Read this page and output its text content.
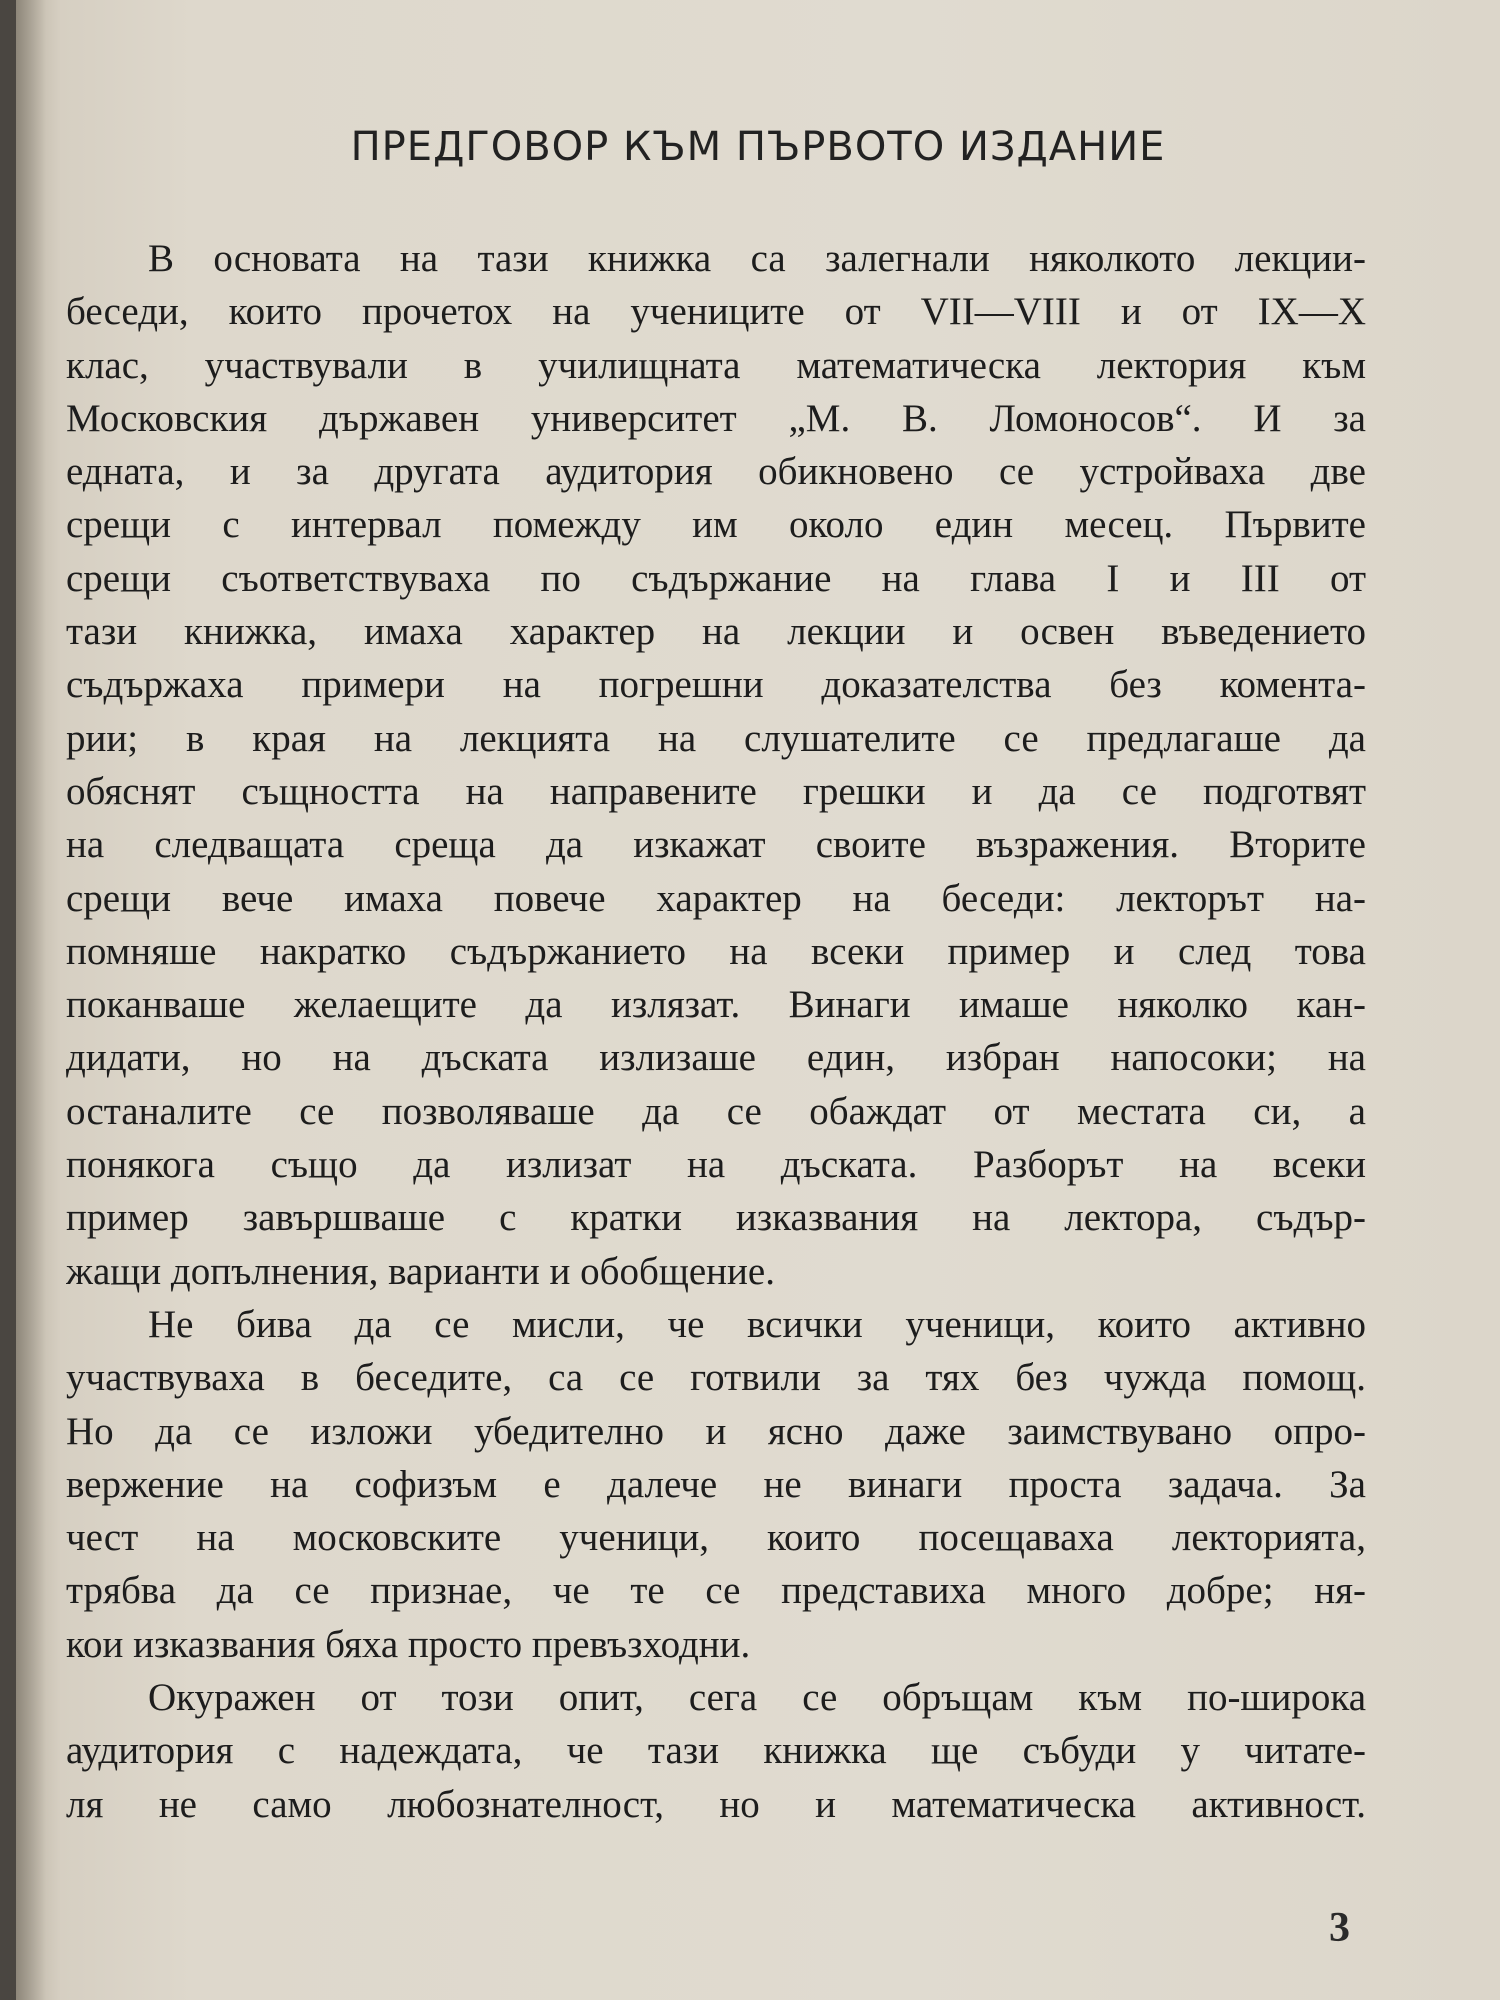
ПРЕДГОВОР КЪМ ПЪРВОТО ИЗДАНИЕ

В основата на тази книжка са залегнали няколкото лекции-
беседи, които прочетох на учениците от VII—VIII и от IX—X
клас, участвували в училищната математическа лектория към
Московския държавен университет „М. В. Ломоносов“. И за
едната, и за другата аудитория обикновено се устройваха две
срещи с интервал помежду им около един месец. Първите
срещи съответствуваха по съдържание на глава I и III от
тази книжка, имаха характер на лекции и освен въведението
съдържаха примери на погрешни доказателства без комента-
рии; в края на лекцията на слушателите се предлагаше да
обяснят същността на направените грешки и да се подготвят
на следващата среща да изкажат своите възражения. Вторите
срещи вече имаха повече характер на беседи: лекторът на-
помняше накратко съдържанието на всеки пример и след това
поканваше желаещите да излязат. Винаги имаше няколко кан-
дидати, но на дъската излизаше един, избран напосоки; на
останалите се позволяваше да се обаждат от местата си, а
понякога също да излизат на дъската. Разборът на всеки
пример завършваше с кратки изказвания на лектора, съдър-
жащи допълнения, варианти и обобщение.

Не бива да се мисли, че всички ученици, които активно
участвуваха в беседите, са се готвили за тях без чужда помощ.
Но да се изложи убедително и ясно даже заимствувано опро-
вержение на софизъм е далече не винаги проста задача. За
чест на московските ученици, които посещаваха лекторията,
трябва да се признае, че те се представиха много добре; ня-
кои изказвания бяха просто превъзходни.

Окуражен от този опит, сега се обръщам към по-широка
аудитория с надеждата, че тази книжка ще събуди у читате-
ля не само любознателност, но и математическа активност.

3
